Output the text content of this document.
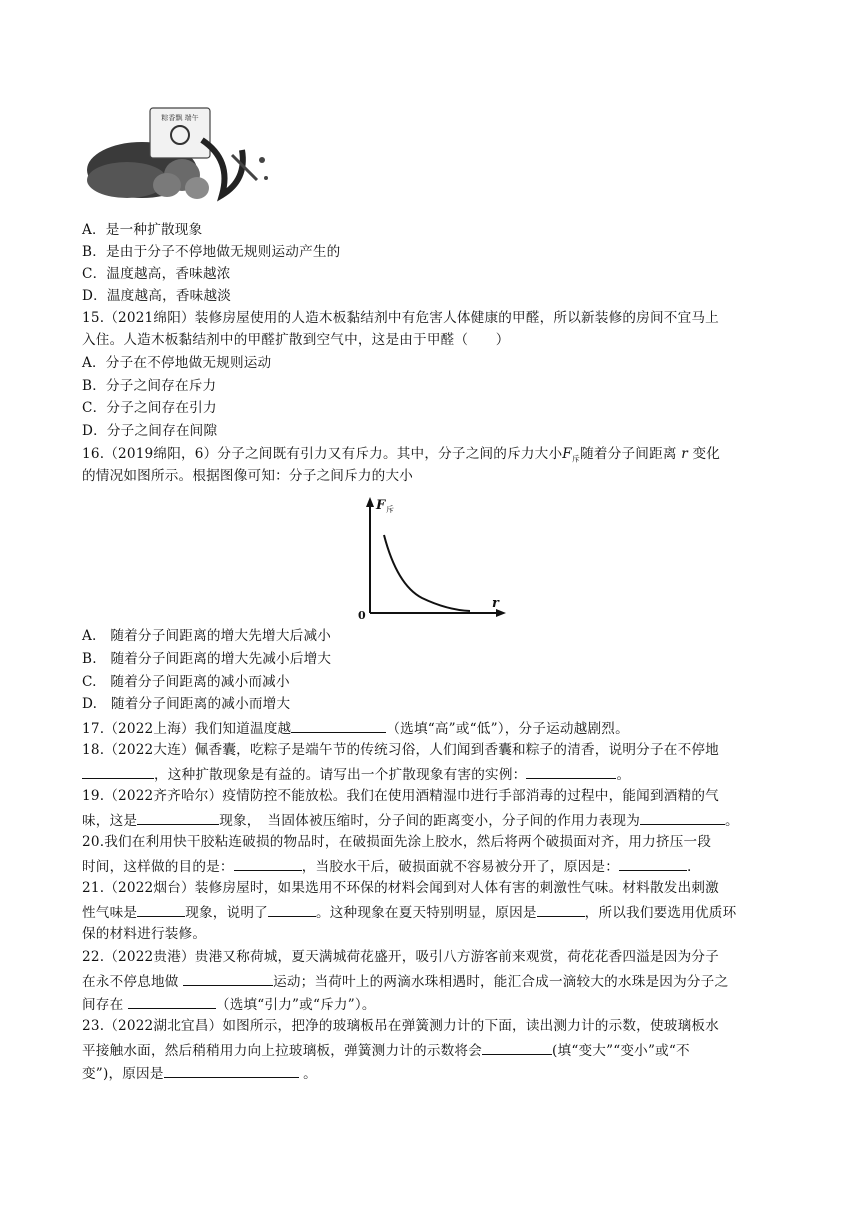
粽香飘 端午
A．是一种扩散现象
B．是由于分子不停地做无规则运动产生的
C．温度越高，香味越浓
D．温度越高，香味越淡
15.（2021绵阳）装修房屋使用的人造木板黏结剂中有危害人体健康的甲醛，所以新装修的房间不宜马上
入住。人造木板黏结剂中的甲醛扩散到空气中，这是由于甲醛（　　）
A．分子在不停地做无规则运动
B．分子之间存在斥力
C．分子之间存在引力
D．分子之间存在间隙
16.（2019绵阳，6）分子之间既有引力又有斥力。其中，分子之间的斥力大小$F_斥$随着分子间距离 r 变化
的情况如图所示。根据图像可知：分子之间斥力的大小
F 斥
r
0
A.　随着分子间距离的增大先增大后减小
B.　随着分子间距离的增大先减小后增大
C.　随着分子间距离的减小而减小
D.　随着分子间距离的减小而增大
17.（2022上海）我们知道温度越	（选填“高”或“低”），分子运动越剧烈。
18.（2022大连）佩香囊，吃粽子是端午节的传统习俗，人们闻到香囊和粽子的清香，说明分子在不停地
，这种扩散现象是有益的。请写出一个扩散现象有害的实例：	。
19.（2022齐齐哈尔）疫情防控不能放松。我们在使用酒精湿巾进行手部消毒的过程中，能闻到酒精的气
味，这是	现象，　当固体被压缩时，分子间的距离变小，分子间的作用力表现为	。
20.我们在利用快干胶粘连破损的物品时，在破损面先涂上胶水，然后将两个破损面对齐，用力挤压一段
时间，这样做的目的是：	，当胶水干后，破损面就不容易被分开了，原因是：	.
21.（2022烟台）装修房屋时，如果选用不环保的材料会闻到对人体有害的刺激性气味。材料散发出刺激
性气味是	现象，说明了	。这种现象在夏天特别明显，原因是	，所以我们要选用优质环
保的材料进行装修。
22.（2022贵港）贵港又称荷城，夏天满城荷花盛开，吸引八方游客前来观赏，荷花花香四溢是因为分子
在永不停息地做	运动；当荷叶上的两滴水珠相遇时，能汇合成一滴较大的水珠是因为分子之
间存在	（选填“引力”或“斥力”）。
23.（2022湖北宜昌）如图所示，把净的玻璃板吊在弹簧测力计的下面，读出测力计的示数，使玻璃板水
平接触水面，然后稍稍用力向上拉玻璃板，弹簧测力计的示数将会	(填“变大”“变小”或“不
变”)，原因是	。
